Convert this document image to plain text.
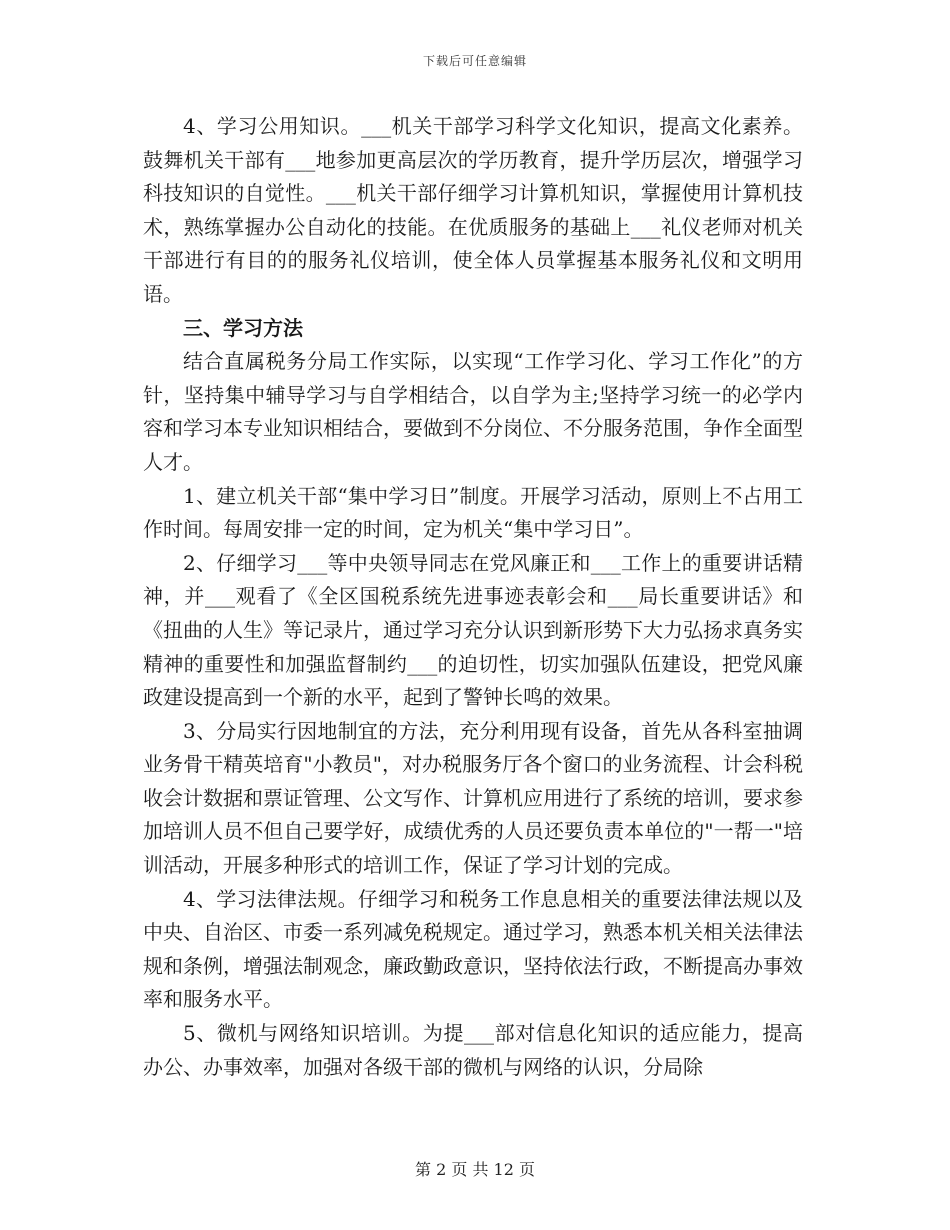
下载后可任意编辑

4、学习公用知识。___机关干部学习科学文化知识，提高文化素养。鼓舞机关干部有___地参加更高层次的学历教育，提升学历层次，增强学习科技知识的自觉性。___机关干部仔细学习计算机知识，掌握使用计算机技术，熟练掌握办公自动化的技能。在优质服务的基础上___礼仪老师对机关干部进行有目的的服务礼仪培训，使全体人员掌握基本服务礼仪和文明用语。

三、学习方法

结合直属税务分局工作实际，以实现“工作学习化、学习工作化”的方针，坚持集中辅导学习与自学相结合，以自学为主;坚持学习统一的必学内容和学习本专业知识相结合，要做到不分岗位、不分服务范围，争作全面型人才。

1、建立机关干部“集中学习日”制度。开展学习活动，原则上不占用工作时间。每周安排一定的时间，定为机关“集中学习日”。

2、仔细学习___等中央领导同志在党风廉正和___工作上的重要讲话精神，并___观看了《全区国税系统先进事迹表彰会和___局长重要讲话》和《扭曲的人生》等记录片，通过学习充分认识到新形势下大力弘扬求真务实精神的重要性和加强监督制约___的迫切性，切实加强队伍建设，把党风廉政建设提高到一个新的水平，起到了警钟长鸣的效果。

3、分局实行因地制宜的方法，充分利用现有设备，首先从各科室抽调业务骨干精英培育"小教员"，对办税服务厅各个窗口的业务流程、计会科税收会计数据和票证管理、公文写作、计算机应用进行了系统的培训，要求参加培训人员不但自己要学好，成绩优秀的人员还要负责本单位的"一帮一"培训活动，开展多种形式的培训工作，保证了学习计划的完成。

4、学习法律法规。仔细学习和税务工作息息相关的重要法律法规以及中央、自治区、市委一系列减免税规定。通过学习，熟悉本机关相关法律法规和条例，增强法制观念，廉政勤政意识，坚持依法行政，不断提高办事效率和服务水平。

5、微机与网络知识培训。为提___部对信息化知识的适应能力，提高办公、办事效率，加强对各级干部的微机与网络的认识，分局除

第 2 页 共 12 页
